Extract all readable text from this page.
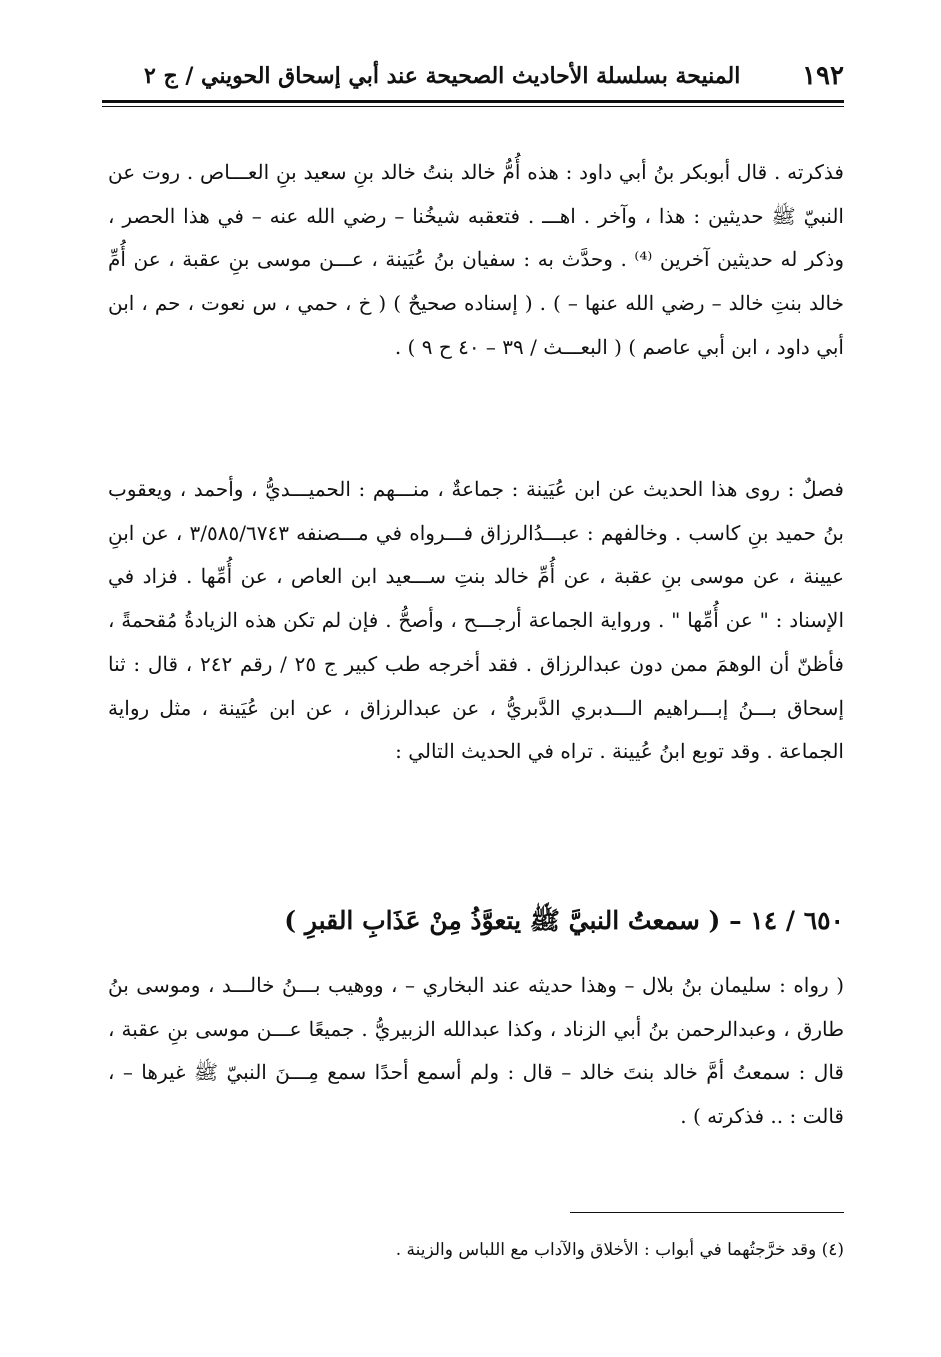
١٩٢
المنيحة بسلسلة الأحاديث الصحيحة عند أبي إسحاق الحويني / ج ٢

فذكرته . قال أبوبكر بنُ أبي داود : هذه أُمُّ خالد بنتُ خالد بنِ سعيد بنِ العـــاص . روت عن النبيّ ﷺ حديثين : هذا ، وآخر . اهـــ . فتعقبه شيخُنا – رضي الله عنه – في هذا الحصر ، وذكر له حديثين آخرين ⁽⁴⁾ . وحدَّث به : سفيان بنُ عُيَينة ، عـــن موسى بنِ عقبة ، عن أُمِّ خالد بنتِ خالد – رضي الله عنها – ) . ( إسناده صحيحٌ ) ( خ ، حمي ، س نعوت ، حم ، ابن أبي داود ، ابن أبي عاصم ) ( البعـــث / ٣٩ – ٤٠ ح ٩ ) .

فصلٌ : روى هذا الحديث عن ابن عُيَينة : جماعةٌ ، منـــهم : الحميـــديُّ ، وأحمد ، ويعقوب بنُ حميد بنِ كاسب . وخالفهم : عبـــدُالرزاق فـــرواه في مـــصنفه ٣/٥٨٥/٦٧٤٣ ، عن ابنِ عيينة ، عن موسى بنِ عقبة ، عن أُمِّ خالد بنتِ ســـعيد ابن العاص ، عن أُمِّها . فزاد في الإسناد : " عن أُمِّها " . ورواية الجماعة أرجـــح ، وأصحُّ . فإن لم تكن هذه الزيادةُ مُقحمةً ، فأظنّ أن الوهمَ ممن دون عبدالرزاق . فقد أخرجه طب كبير ج ٢٥ / رقم ٢٤٢ ، قال : ثنا إسحاق بـــنُ إبـــراهيم الـــدبري الدَّبريُّ ، عن عبدالرزاق ، عن ابن عُيَينة ، مثل رواية الجماعة . وقد توبع ابنُ عُيينة . تراه في الحديث التالي :

٦٥٠ / ١٤ – ( سمعتُ النبيَّ ﷺ يتعوَّذُ مِنْ عَذَابِ القبرِ )

( رواه : سليمان بنُ بلال – وهذا حديثه عند البخاري – ، ووهيب بـــنُ خالـــد ، وموسى بنُ طارق ، وعبدالرحمن بنُ أبي الزناد ، وكذا عبدالله الزبيريُّ . جميعًا عـــن موسى بنِ عقبة ، قال : سمعتُ أمَّ خالد بنتَ خالد – قال : ولم أسمع أحدًا سمع مِـــنَ النبيّ ﷺ غيرها – ، قالت : .. فذكرته ) .

(٤) وقد خرَّجتُهما في أبواب : الأخلاق والآداب مع اللباس والزينة .
